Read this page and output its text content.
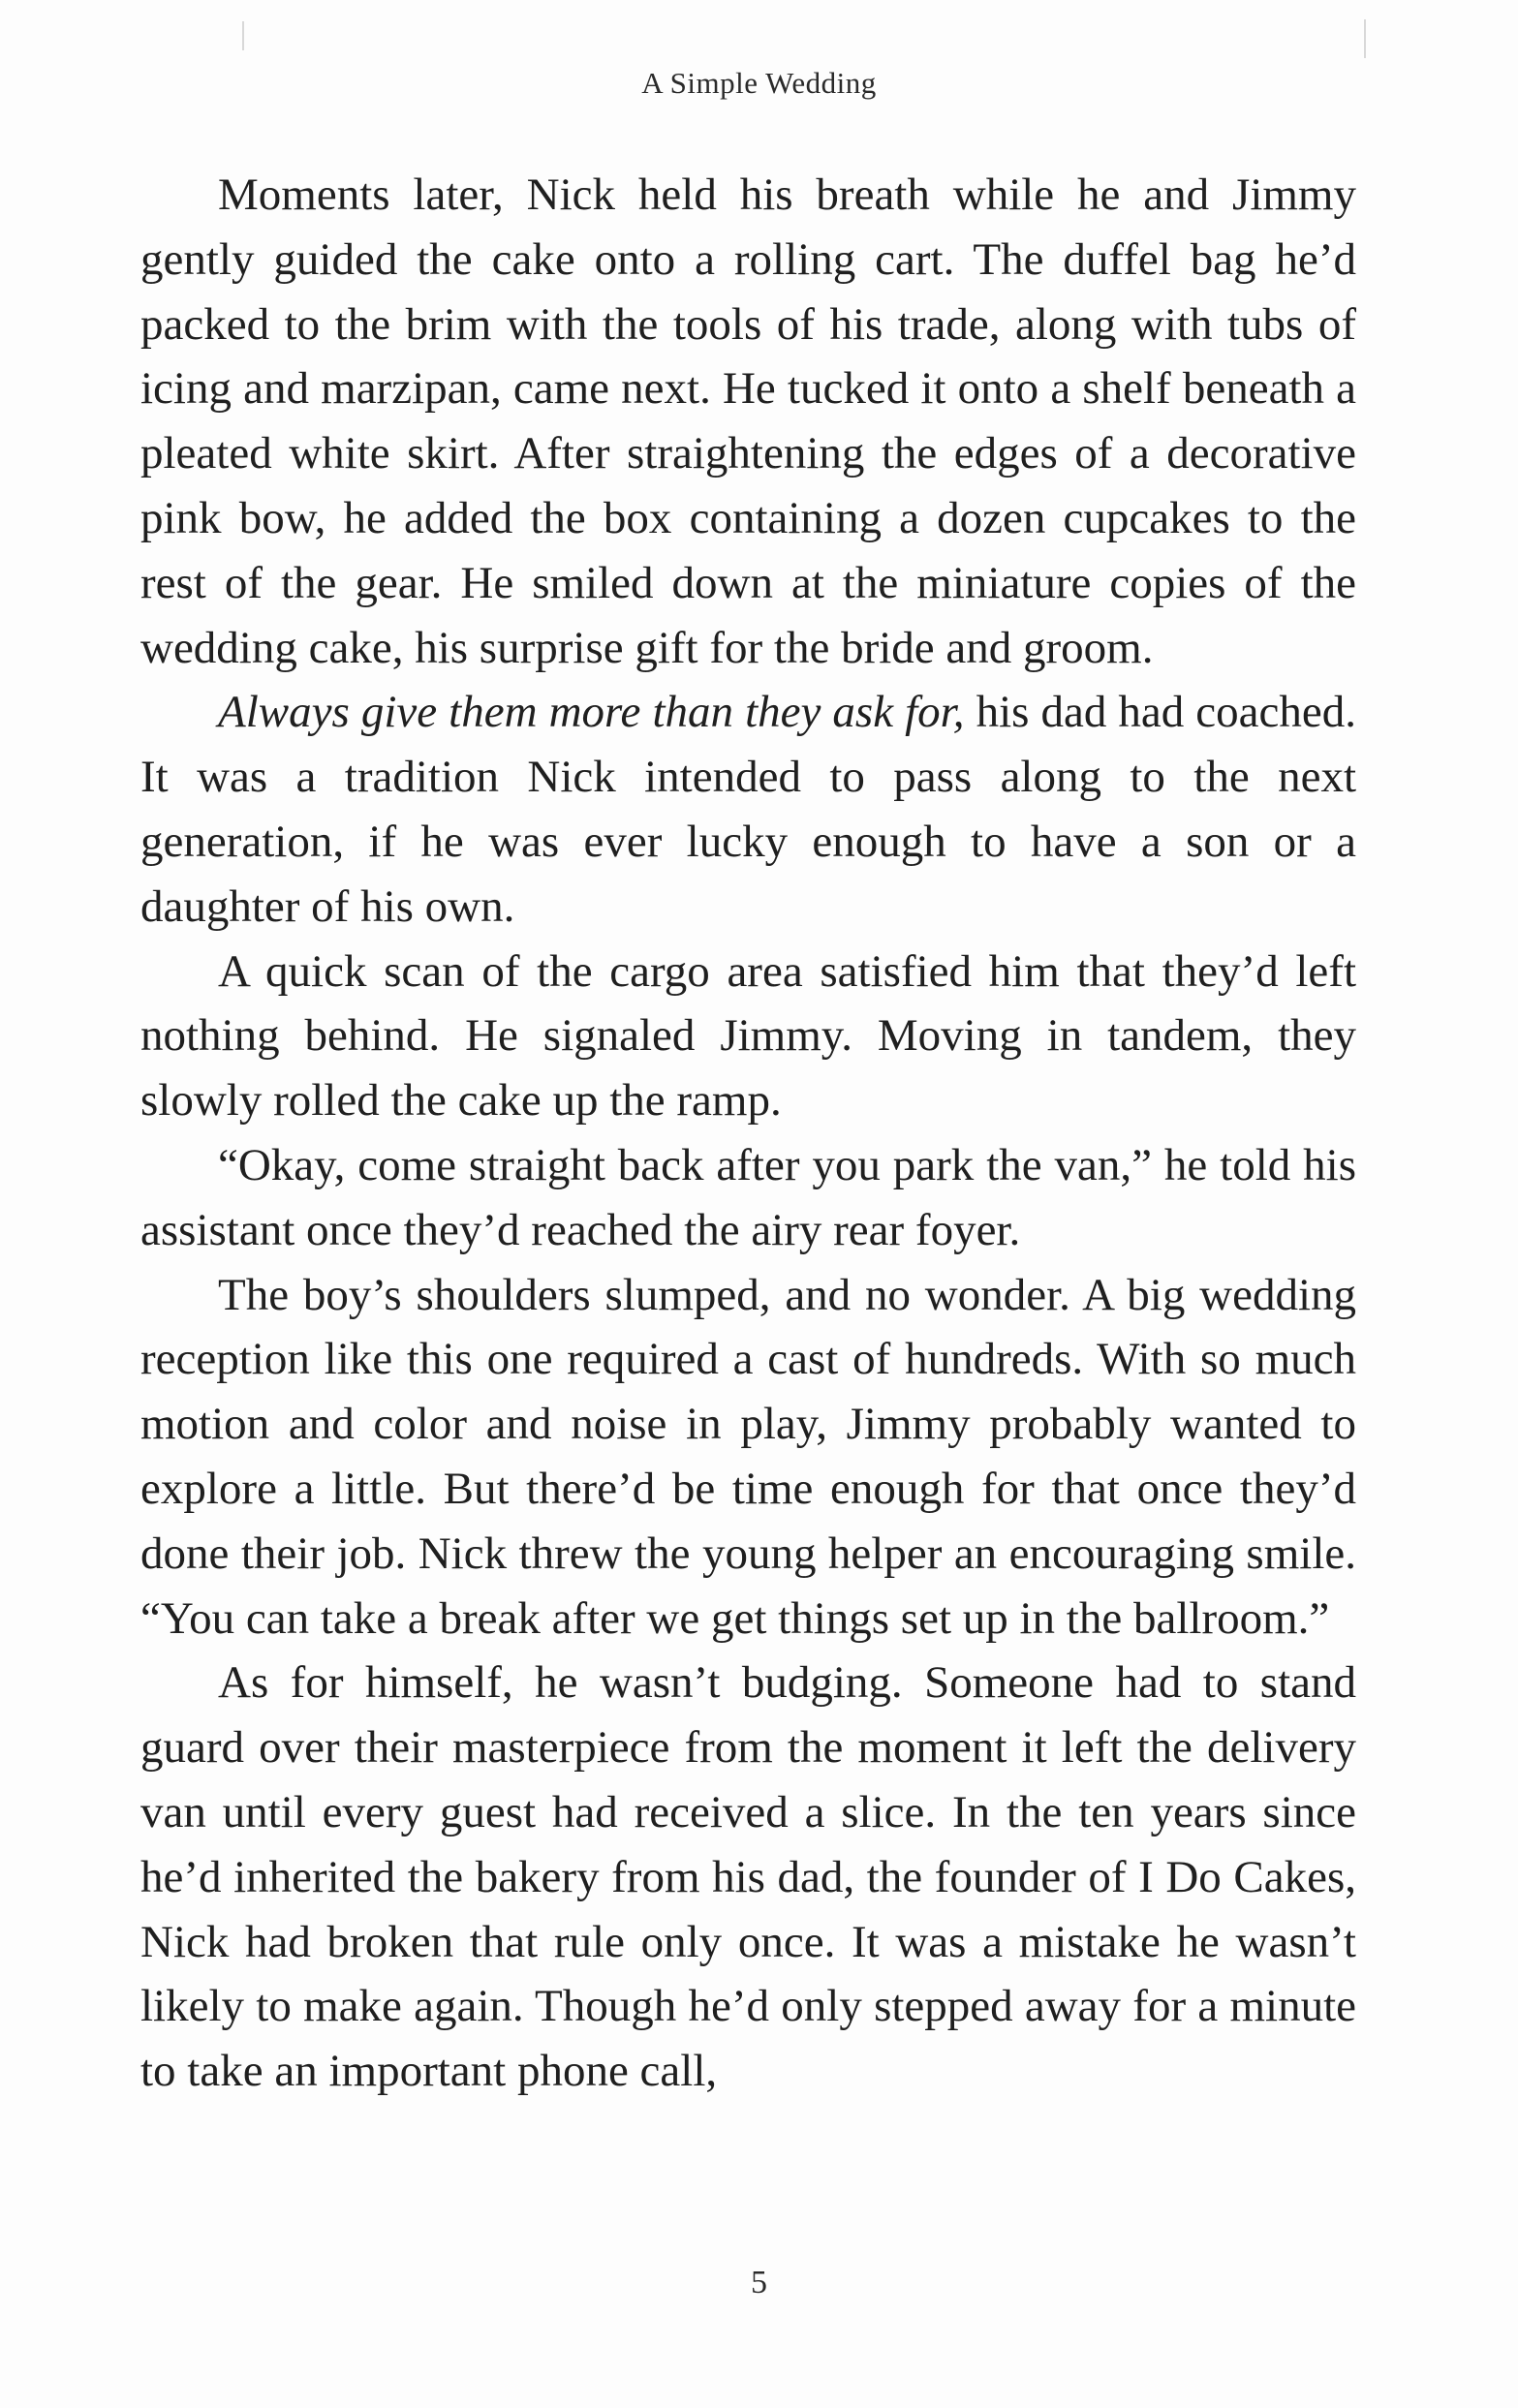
A Simple Wedding

Moments later, Nick held his breath while he and Jimmy gently guided the cake onto a rolling cart. The duffel bag he’d packed to the brim with the tools of his trade, along with tubs of icing and marzipan, came next. He tucked it onto a shelf beneath a pleated white skirt. After straightening the edges of a decorative pink bow, he added the box containing a dozen cupcakes to the rest of the gear. He smiled down at the miniature copies of the wedding cake, his surprise gift for the bride and groom.

Always give them more than they ask for, his dad had coached. It was a tradition Nick intended to pass along to the next generation, if he was ever lucky enough to have a son or a daughter of his own.

A quick scan of the cargo area satisfied him that they’d left nothing behind. He signaled Jimmy. Moving in tandem, they slowly rolled the cake up the ramp.

“Okay, come straight back after you park the van,” he told his assistant once they’d reached the airy rear foyer.

The boy’s shoulders slumped, and no wonder. A big wedding reception like this one required a cast of hundreds. With so much motion and color and noise in play, Jimmy probably wanted to explore a little. But there’d be time enough for that once they’d done their job. Nick threw the young helper an encouraging smile. “You can take a break after we get things set up in the ballroom.”

As for himself, he wasn’t budging. Someone had to stand guard over their masterpiece from the moment it left the delivery van until every guest had received a slice. In the ten years since he’d inherited the bakery from his dad, the founder of I Do Cakes, Nick had broken that rule only once. It was a mistake he wasn’t likely to make again. Though he’d only stepped away for a minute to take an important phone call,

5
